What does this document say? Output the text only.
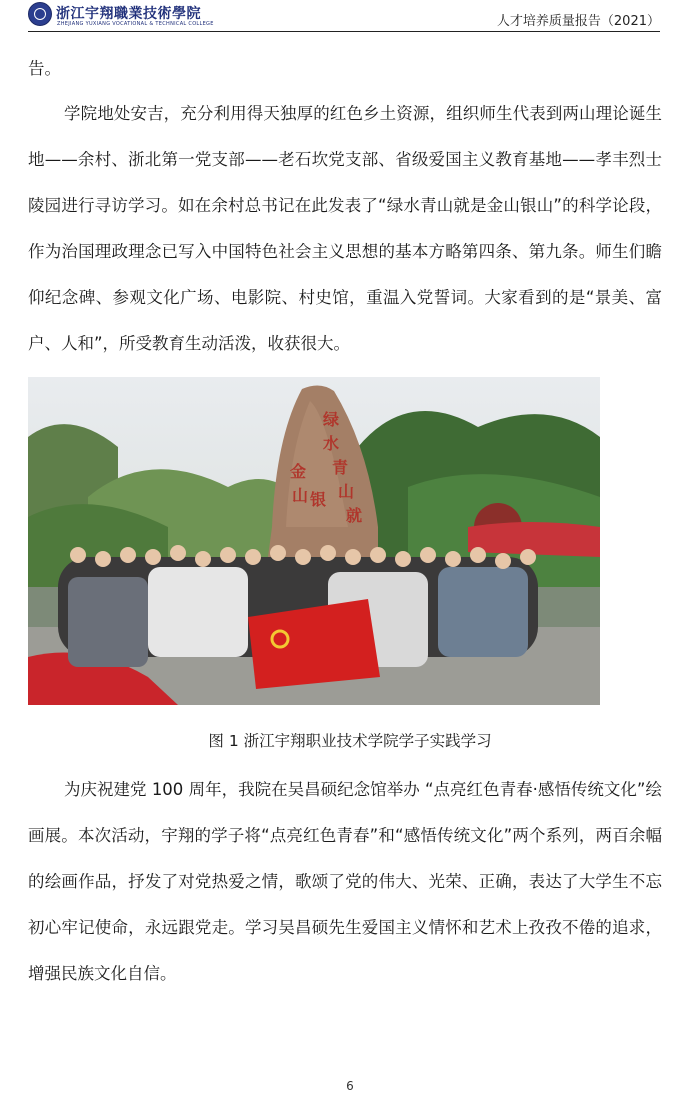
浙江宇翔職業技術學院
ZHEJIANG YUXIANG VOCATIONAL & TECHNICAL COLLEGE	人才培养质量报告（2021）

告。

学院地处安吉，充分利用得天独厚的红色乡土资源，组织师生代表到两山理论诞生地——余村、浙北第一党支部——老石坎党支部、省级爱国主义教育基地——孝丰烈士陵园进行寻访学习。如在余村总书记在此发表了“绿水青山就是金山银山”的科学论段，作为治国理政理念已写入中国特色社会主义思想的基本方略第四条、第九条。师生们瞻仰纪念碑、参观文化广场、电影院、村史馆，重温入党誓词。大家看到的是“景美、富户、人和”，所受教育生动活泼，收获很大。

绿
水
青
山
就
金
山 银
图 1 浙江宇翔职业技术学院学子实践学习

为庆祝建党 100 周年，我院在吴昌硕纪念馆举办 “点亮红色青春·感悟传统文化”绘画展。本次活动，宇翔的学子将“点亮红色青春”和“感悟传统文化”两个系列，两百余幅的绘画作品，抒发了对党热爱之情，歌颂了党的伟大、光荣、正确，表达了大学生不忘初心牢记使命，永远跟党走。学习吴昌硕先生爱国主义情怀和艺术上孜孜不倦的追求，增强民族文化自信。

6
